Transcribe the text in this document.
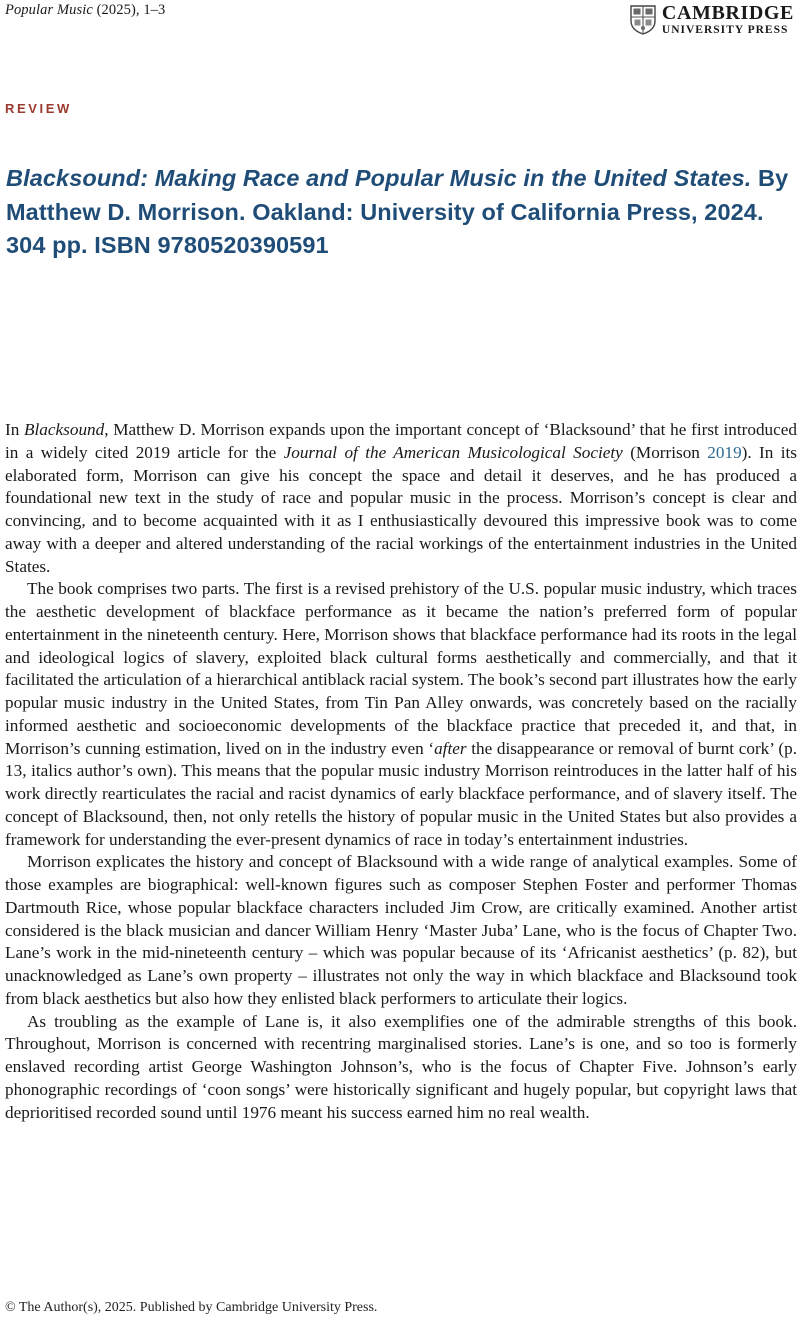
Popular Music (2025), 1–3	CAMBRIDGE
UNIVERSITY PRESS
REVIEW
Blacksound: Making Race and Popular Music in the United States. By Matthew D. Morrison. Oakland: University of California Press, 2024. 304 pp. ISBN 9780520390591

In Blacksound, Matthew D. Morrison expands upon the important concept of ‘Blacksound’ that he first introduced in a widely cited 2019 article for the Journal of the American Musicological Society (Morrison 2019). In its elaborated form, Morrison can give his concept the space and detail it deserves, and he has produced a foundational new text in the study of race and popular music in the process. Morrison’s concept is clear and convincing, and to become acquainted with it as I enthusiastically devoured this impressive book was to come away with a deeper and altered understanding of the racial workings of the entertainment industries in the United States.

The book comprises two parts. The first is a revised prehistory of the U.S. popular music industry, which traces the aesthetic development of blackface performance as it became the nation’s preferred form of popular entertainment in the nineteenth century. Here, Morrison shows that blackface performance had its roots in the legal and ideological logics of slavery, exploited black cultural forms aesthetically and commercially, and that it facilitated the articulation of a hierarchical antiblack racial system. The book’s second part illustrates how the early popular music industry in the United States, from Tin Pan Alley onwards, was concretely based on the racially informed aesthetic and socioeconomic developments of the blackface practice that preceded it, and that, in Morrison’s cunning estimation, lived on in the industry even ‘after the disappearance or removal of burnt cork’ (p. 13, italics author’s own). This means that the popular music industry Morrison reintroduces in the latter half of his work directly rearticulates the racial and racist dynamics of early blackface performance, and of slavery itself. The concept of Blacksound, then, not only retells the history of popular music in the United States but also provides a framework for understanding the ever-present dynamics of race in today’s entertainment industries.

Morrison explicates the history and concept of Blacksound with a wide range of analytical examples. Some of those examples are biographical: well-known figures such as composer Stephen Foster and performer Thomas Dartmouth Rice, whose popular blackface characters included Jim Crow, are critically examined. Another artist considered is the black musician and dancer William Henry ‘Master Juba’ Lane, who is the focus of Chapter Two. Lane’s work in the mid-nineteenth century – which was popular because of its ‘Africanist aesthetics’ (p. 82), but unacknowledged as Lane’s own property – illustrates not only the way in which blackface and Blacksound took from black aesthetics but also how they enlisted black performers to articulate their logics.

As troubling as the example of Lane is, it also exemplifies one of the admirable strengths of this book. Throughout, Morrison is concerned with recentring marginalised stories. Lane’s is one, and so too is formerly enslaved recording artist George Washington Johnson’s, who is the focus of Chapter Five. Johnson’s early phonographic recordings of ‘coon songs’ were historically significant and hugely popular, but copyright laws that deprioritised recorded sound until 1976 meant his success earned him no real wealth.

© The Author(s), 2025. Published by Cambridge University Press.
